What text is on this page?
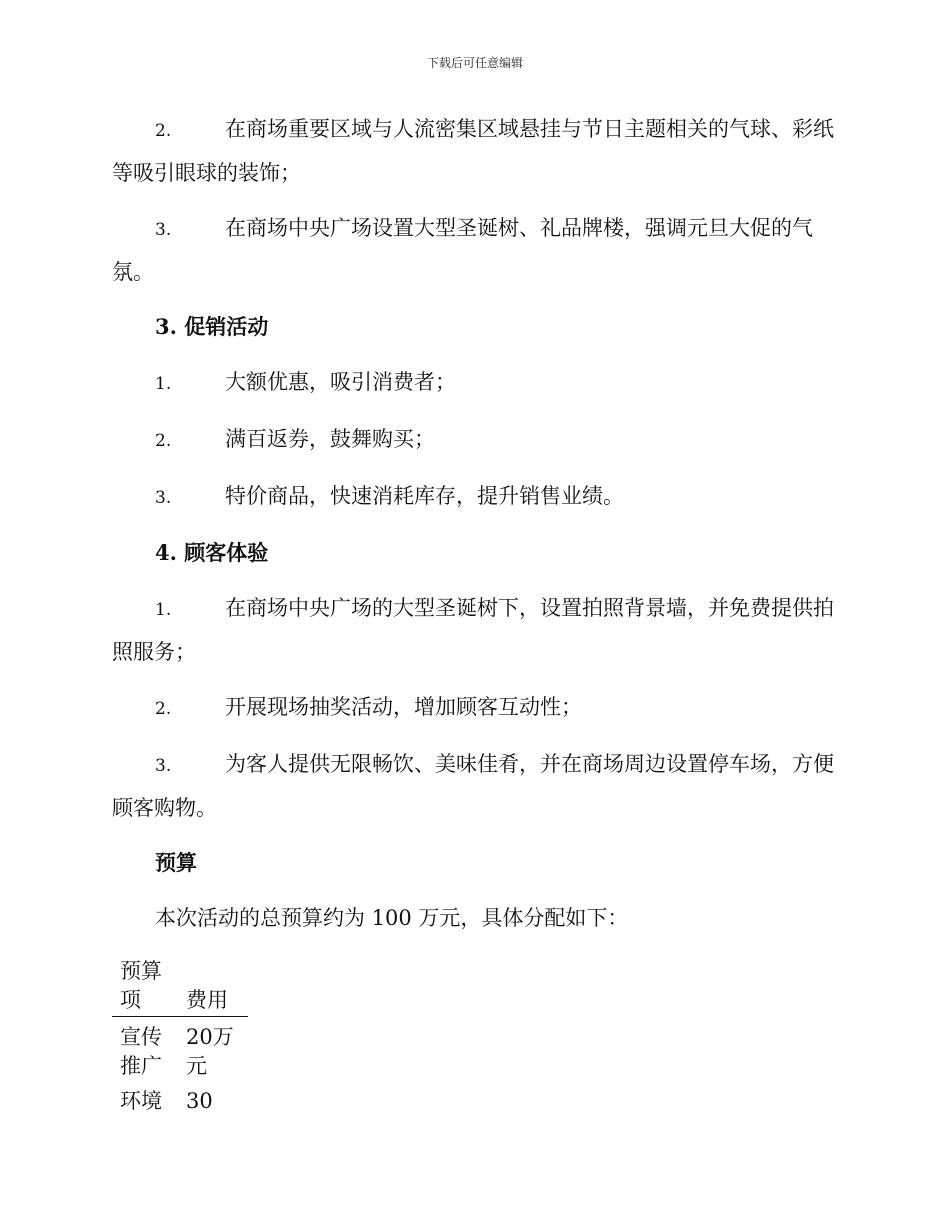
下载后可任意编辑

2.	在商场重要区域与人流密集区域悬挂与节日主题相关的气球、彩纸等吸引眼球的装饰；

3.	在商场中央广场设置大型圣诞树、礼品牌楼，强调元旦大促的气氛。

3. 促销活动

1.	大额优惠，吸引消费者；

2.	满百返券，鼓舞购买；

3.	特价商品，快速消耗库存，提升销售业绩。

4. 顾客体验

1.	在商场中央广场的大型圣诞树下，设置拍照背景墙，并免费提供拍照服务；

2.	开展现场抽奖活动，增加顾客互动性；

3.	为客人提供无限畅饮、美味佳肴，并在商场周边设置停车场，方便顾客购物。

预算

本次活动的总预算约为 100 万元，具体分配如下：

预算项	费用

宣传推广	20万元

环境	30
